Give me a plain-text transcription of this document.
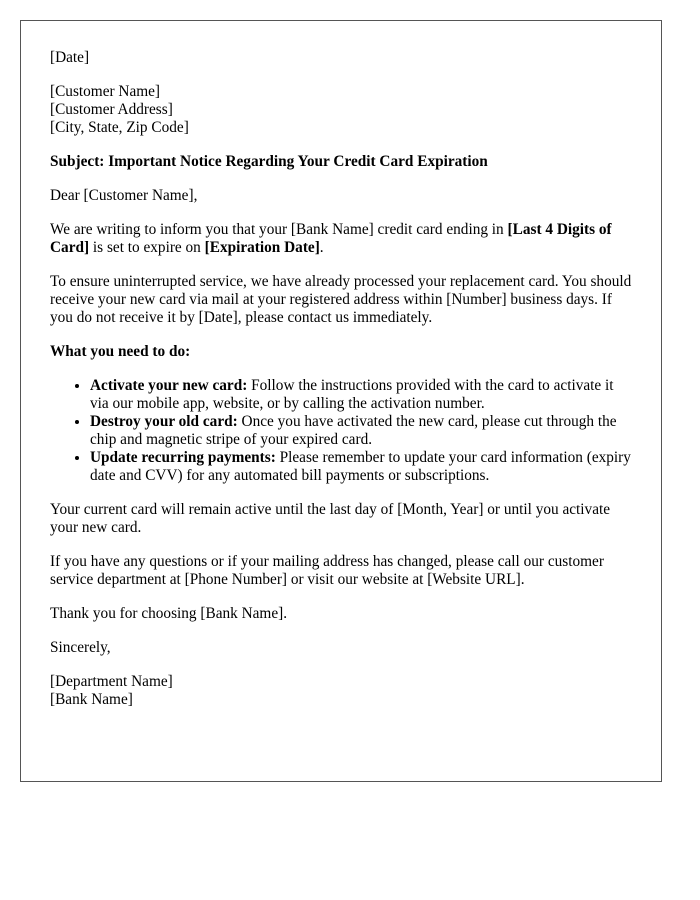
[Date]

[Customer Name]
[Customer Address]
[City, State, Zip Code]

Subject: Important Notice Regarding Your Credit Card Expiration

Dear [Customer Name],

We are writing to inform you that your [Bank Name] credit card ending in [Last 4 Digits of Card] is set to expire on [Expiration Date].

To ensure uninterrupted service, we have already processed your replacement card. You should receive your new card via mail at your registered address within [Number] business days. If you do not receive it by [Date], please contact us immediately.

What you need to do:

• Activate your new card: Follow the instructions provided with the card to activate it via our mobile app, website, or by calling the activation number.
• Destroy your old card: Once you have activated the new card, please cut through the chip and magnetic stripe of your expired card.
• Update recurring payments: Please remember to update your card information (expiry date and CVV) for any automated bill payments or subscriptions.

Your current card will remain active until the last day of [Month, Year] or until you activate your new card.

If you have any questions or if your mailing address has changed, please call our customer service department at [Phone Number] or visit our website at [Website URL].

Thank you for choosing [Bank Name].

Sincerely,

[Department Name]
[Bank Name]
